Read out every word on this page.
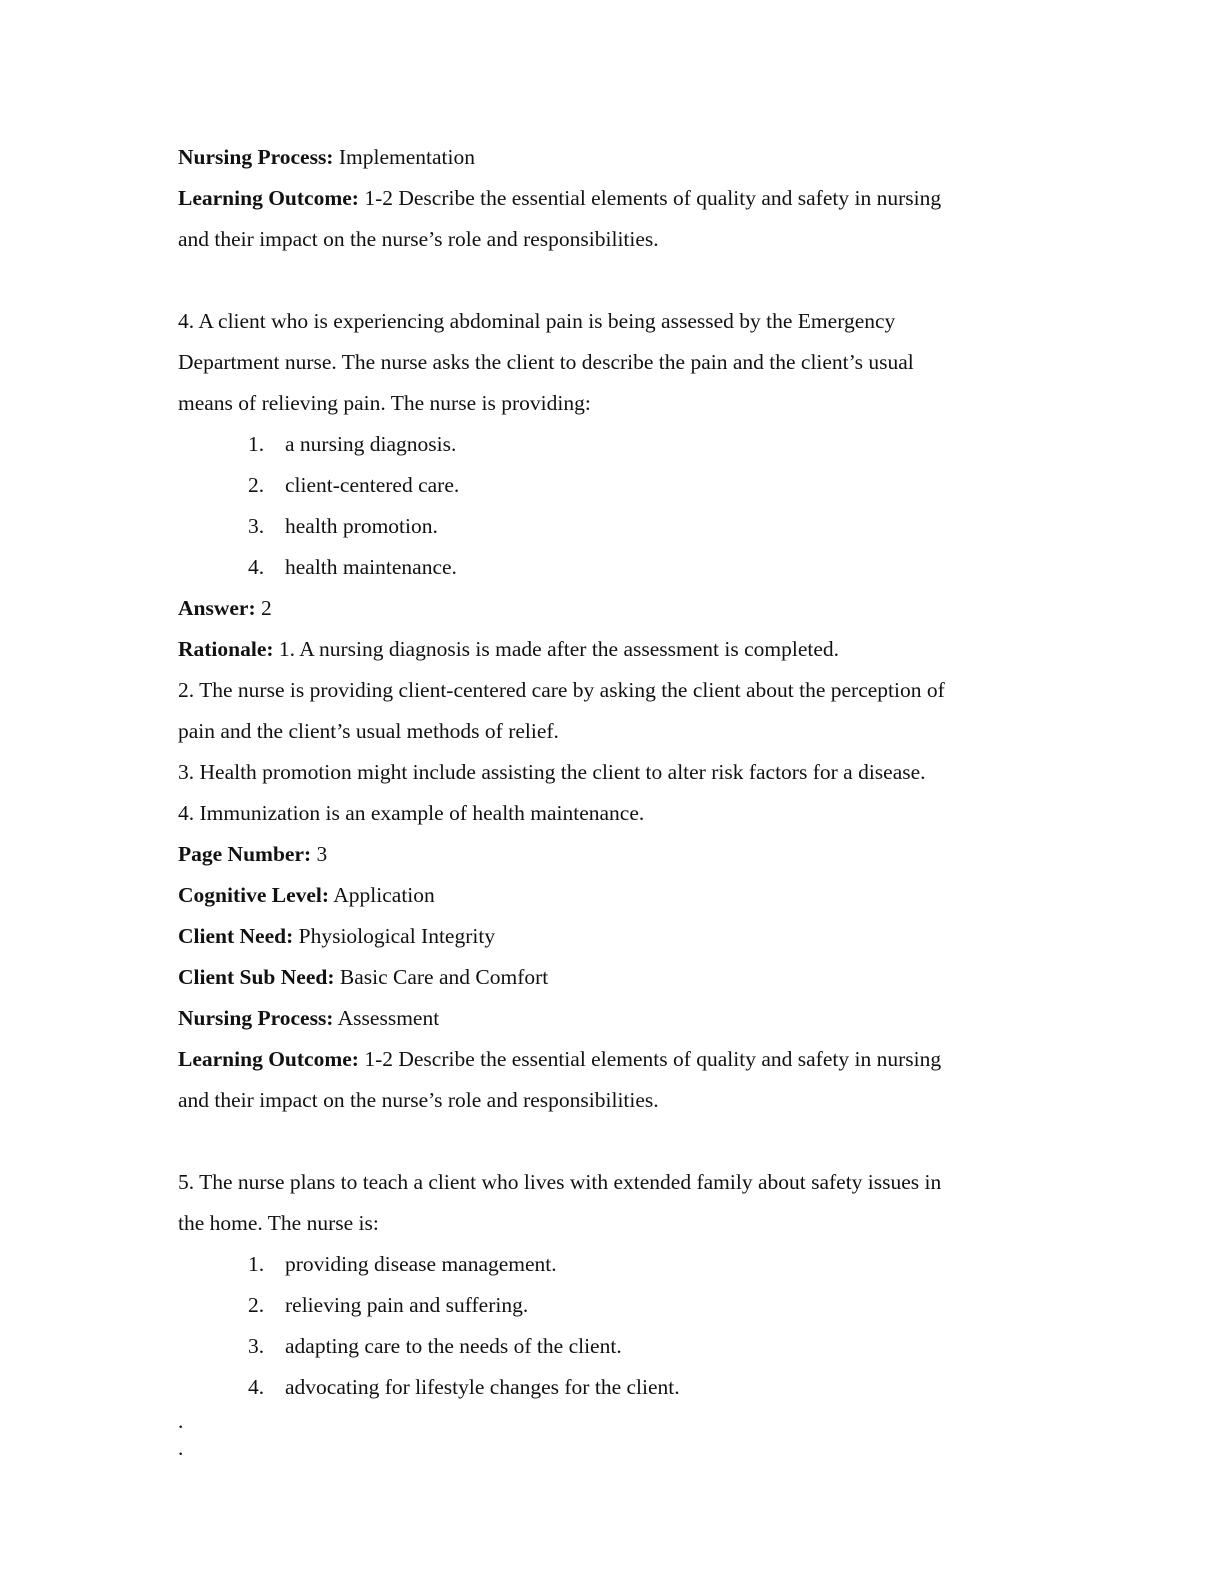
Nursing Process: Implementation
Learning Outcome: 1-2 Describe the essential elements of quality and safety in nursing
and their impact on the nurse’s role and responsibilities.
4. A client who is experiencing abdominal pain is being assessed by the Emergency
Department nurse. The nurse asks the client to describe the pain and the client’s usual
means of relieving pain. The nurse is providing:
1. a nursing diagnosis.
2. client-centered care.
3. health promotion.
4. health maintenance.
Answer: 2
Rationale: 1. A nursing diagnosis is made after the assessment is completed.
2. The nurse is providing client-centered care by asking the client about the perception of
pain and the client’s usual methods of relief.
3. Health promotion might include assisting the client to alter risk factors for a disease.
4. Immunization is an example of health maintenance.
Page Number: 3
Cognitive Level: Application
Client Need: Physiological Integrity
Client Sub Need: Basic Care and Comfort
Nursing Process: Assessment
Learning Outcome: 1-2 Describe the essential elements of quality and safety in nursing
and their impact on the nurse’s role and responsibilities.
5. The nurse plans to teach a client who lives with extended family about safety issues in
the home. The nurse is:
1. providing disease management.
2. relieving pain and suffering.
3. adapting care to the needs of the client.
4. advocating for lifestyle changes for the client.
.
.
